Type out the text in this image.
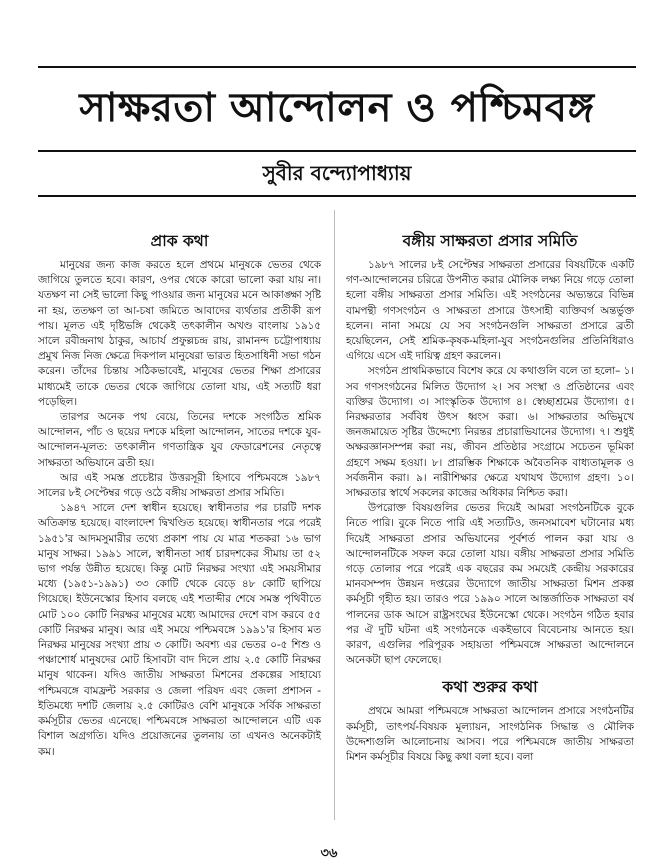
সাক্ষরতা আন্দোলন ও পশ্চিমবঙ্গ
সুবীর বন্দ্যোপাধ্যায়
প্রাক কথা

মানুষের জন্য কাজ করতে হলে প্রথমে মানুষকে ভেতর থেকে জাগিয়ে তুলতে হবে। কারণ, ওপর থেকে কারো ভালো করা যায় না। যতক্ষণ না সেই ভালো কিছু পাওয়ার জন্য মানুষের মনে আকাঙ্ক্ষা সৃষ্টি না হয়, ততক্ষণ তা আ-চষা জমিতে আবাদের ব্যর্থতার প্রতীকী রূপ পায়। মূলত এই দৃষ্টিভঙ্গি থেকেই তৎকালীন অখণ্ড বাংলায় ১৯১৫ সালে রবীন্দ্রনাথ ঠাকুর, আচার্য প্রফুল্লচন্দ্র রায়, রামানন্দ চট্টোপাধ্যায় প্রমুখ নিজ নিজ ক্ষেত্রে দিকপাল মানুষেরা ভারত হিতসাধিনী সভা গঠন করেন। তাঁদের চিন্তায় সঠিকভাবেই, মানুষের ভেতর শিক্ষা প্রসারের মাধ্যমেই তাকে ভেতর থেকে জাগিয়ে তোলা যায়, এই সত্যটি ধরা পড়েছিল।

তারপর অনেক পথ বেয়ে, তিনের দশকে সংগঠিত শ্রমিক আন্দোলন, পাঁচ ও ছয়ের দশকে মহিলা আন্দোলন, সাতের দশকে যুব-আন্দোলন-মূলত: তৎকালীন গণতান্ত্রিক যুব ফেডারেশনের নেতৃত্বে সাক্ষরতা অভিযানে ব্রতী হয়।

আর এই সমস্ত প্রচেষ্টার উত্তরসূরী হিসাবে পশ্চিমবঙ্গে ১৯৮৭ সালের ৮ই সেপ্টেম্বর গড়ে ওঠে বঙ্গীয় সাক্ষরতা প্রসার সমিতি।

১৯৪৭ সালে দেশ স্বাধীন হয়েছে। স্বাধীনতার পর চারটি দশক অতিক্রান্ত হয়েছে। বাংলাদেশ দ্বিখণ্ডিত হয়েছে। স্বাধীনতার পরে পরেই ১৯৫১'র আদমসুমারীর তথ্যে প্রকাশ পায় যে মাত্র শতকরা ১৬ ভাগ মানুষ সাক্ষর। ১৯৯১ সালে, স্বাধীনতা সার্ধ চারদশকের সীমায় তা ৫২ ভাগ পর্যন্ত উন্নীত হয়েছে। কিন্তু মোট নিরক্ষর সংখ্যা এই সময়সীমার মধ্যে (১৯৫১-১৯৯১) ৩৩ কোটি থেকে বেড়ে ৪৮ কোটি ছাপিয়ে গিয়েছে। ইউনেস্কোর হিসাব বলছে এই শতাব্দীর শেষে সমস্ত পৃথিবীতে মোট ১০০ কোটি নিরক্ষর মানুষের মধ্যে আমাদের দেশে বাস করবে ৫৫ কোটি নিরক্ষর মানুষ। আর এই সময়ে পশ্চিমবঙ্গে ১৯৯১'র হিসাব মত নিরক্ষর মানুষের সংখ্যা প্রায় ৩ কোটি। অবশ্য এর ভেতর ০-৫ শিশু ও পঞ্চাশোর্ধ মানুষদের মোট হিসাবটা বাদ দিলে প্রায় ২.৫ কোটি নিরক্ষর মানুষ থাকেন। যদিও জাতীয় সাক্ষরতা মিশনের প্রকল্পের সাহায্যে পশ্চিমবঙ্গে বামফ্রন্ট সরকার ও জেলা পরিষদ এবং জেলা প্রশাসন - ইতিমধ্যে দশটি জেলায় ২.৫ কোটিরও বেশি মানুষকে সর্বিক সাক্ষরতা কর্মসূচীর ভেতর এনেছে। পশ্চিমবঙ্গে সাক্ষরতা আন্দোলনে এটি এক বিশাল অগ্রগতি। যদিও প্রয়োজনের তুলনায় তা এখনও অনেকটাই কম।

বঙ্গীয় সাক্ষরতা প্রসার সমিতি

১৯৮৭ সালের ৮ই সেপ্টেম্বর সাক্ষরতা প্রসারের বিষয়টিকে একটি গণ-আন্দোলনের চরিত্রে উপনীত করার মৌলিক লক্ষ্য নিয়ে গড়ে তোলা হলো বঙ্গীয় সাক্ষরতা প্রসার সমিতি। এই সংগঠনের অভ্যন্তরে বিভিন্ন বামপন্থী গণসংগঠন ও সাক্ষরতা প্রসারে উৎসাহী ব্যক্তিবর্গ অন্তর্ভুক্ত হলেন। নানা সময়ে যে সব সংগঠনগুলি সাক্ষরতা প্রসারে ব্রতী হয়েছিলেন, সেই শ্রমিক-কৃষক-মহিলা-যুব সংগঠনগুলির প্রতিনিধিরাও এগিয়ে এসে এই দায়িত্ব গ্রহণ করলেন।

সংগঠন প্রাথমিকভাবে বিশেষ করে যে কথাগুলি বলে তা হলো– ১। সব গণসংগঠনের মিলিত উদ্যোগ ২। সব সংস্থা ও প্রতিষ্ঠানের এবং ব্যক্তির উদ্যোগ। ৩। সাংস্কৃতিক উদ্যোগ ৪। স্বেচ্ছাশ্রমের উদ্যোগ। ৫। নিরক্ষরতার সর্ববিধ উৎস ধ্বংস করা। ৬। সাক্ষরতার অভিমুখে জনজমায়েত সৃষ্টির উদ্দেশ্যে নিরন্তর প্রচারাভিযানের উদ্যোগ। ৭। শুধুই অক্ষরজ্ঞানসম্পন্ন করা নয়, জীবন প্রতিষ্ঠার সংগ্রামে সচেতন ভূমিকা গ্রহণে সক্ষম হওয়া। ৮। প্রারম্ভিক শিক্ষাকে অবৈতনিক বাধ্যতামূলক ও সর্বজনীন করা। ৯। নারীশিক্ষার ক্ষেত্রে যথাযথ উদ্যোগ গ্রহণ। ১০। সাক্ষরতার স্বার্থে সকলের কাজের অধিকার নিশ্চিত করা।

উপরোক্ত বিষয়গুলির ভেতর দিয়েই আমরা সংগঠনটিকে বুকে নিতে পারি। বুকে নিতে পারি এই সত্যটিও, জনসমাবেশ ঘটানোর মধ্য দিয়েই সাক্ষরতা প্রসার অভিযানের পূর্বশর্ত পালন করা যায় ও আন্দোলনটিকে সফল করে তোলা যায়। বঙ্গীয় সাক্ষরতা প্রসার সমিতি গড়ে তোলার পরে পরেই এক বছরের কম সময়েই কেন্দ্রীয় সরকারের মানবসম্পদ উন্নয়ন দপ্তরের উদ্যোগে জাতীয় সাক্ষরতা মিশন প্রকল্প কর্মসূচী গৃহীত হয়। তারও পরে ১৯৯০ সালে আন্তর্জাতিক সাক্ষরতা বর্ষ পালনের ডাক আসে রাষ্ট্রসংঘের ইউনেস্কো থেকে। সংগঠন গঠিত হবার পর ঐ দুটি ঘটনা এই সংগঠনকে একইভাবে বিবেচনায় আনতে হয়। কারণ, এগুলির পরিপূরক সহায়তা পশ্চিমবঙ্গে সাক্ষরতা আন্দোলনে অনেকটা ছাপ ফেলেছে।

কথা শুরুর কথা

প্রথমে আমরা পশ্চিমবঙ্গে সাক্ষরতা আন্দোলন প্রসারে সংগঠনটির কর্মসূচী, তাৎপর্য-বিষয়ক মূল্যায়ন, সাংগঠনিক সিদ্ধান্ত ও মৌলিক উদ্দেশ্যগুলি আলোচনায় আসব। পরে পশ্চিমবঙ্গে জাতীয় সাক্ষরতা মিশন কর্মসূচীর বিষয়ে কিছু কথা বলা হবে। বলা

৩৬
